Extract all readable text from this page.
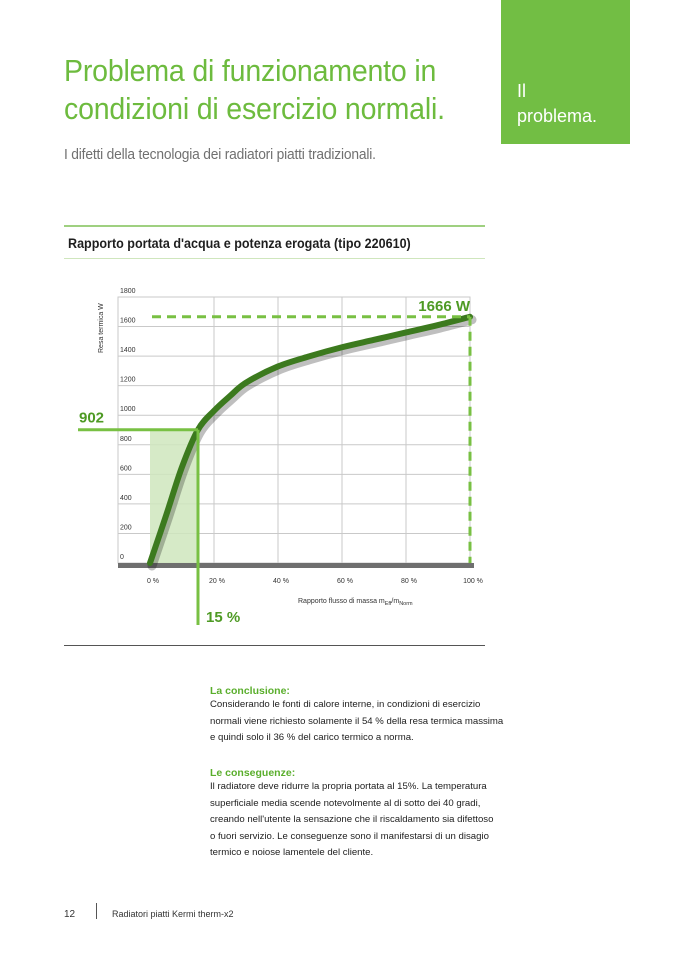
Il
problema.
Problema di funzionamento in condizioni di esercizio normali.
I difetti della tecnologia dei radiatori piatti tradizionali.
Rapporto portata d'acqua e potenza erogata (tipo 220610)
0
200
400
600
800
1000
1200
1400
1600
1800
0 %	20 %	40 %	60 %	80 %	100 %
Resa termica W
Rapporto flusso di massa $m_{Eff}/m_{Norm}$
1666 W
902
15 %
La conclusione:
Considerando le fonti di calore interne, in condizioni di esercizio
normali viene richiesto solamente il 54 % della resa termica massima
e quindi solo il 36 % del carico termico a norma.
Le conseguenze:
Il radiatore deve ridurre la propria portata al 15%. La temperatura
superficiale media scende notevolmente al di sotto dei 40 gradi,
creando nell'utente la sensazione che il riscaldamento sia difettoso
o fuori servizio. Le conseguenze sono il manifestarsi di un disagio
termico e noiose lamentele del cliente.
12	Radiatori piatti Kermi therm-x2
